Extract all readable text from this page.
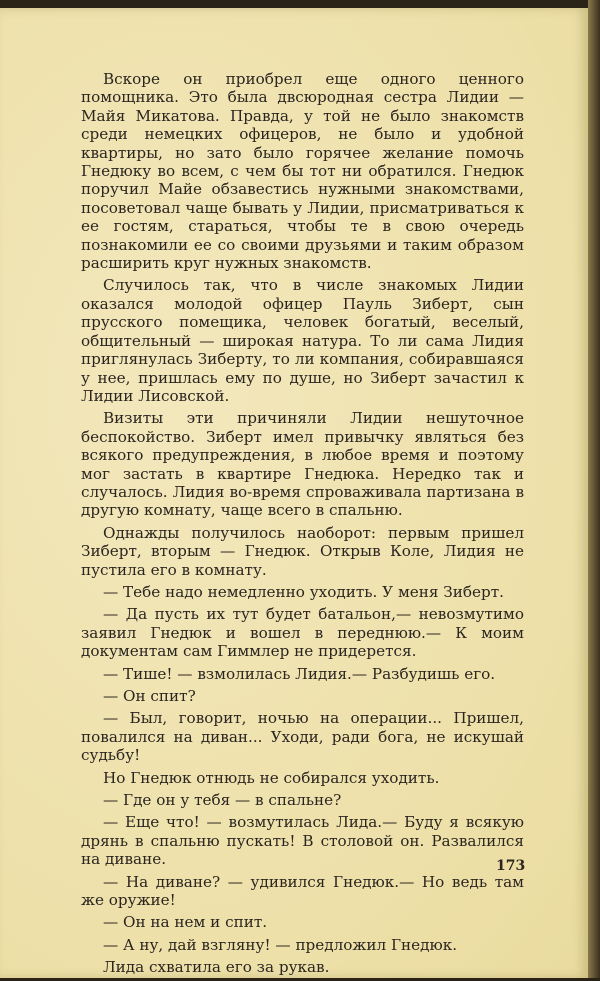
Вскоре он приобрел еще одного ценного помощника. Это была двсюродная сестра Лидии — Майя Микатова. Правда, у той не было знакомств среди немецких офицеров, не было и удобной квартиры, но зато было горячее желание помочь Гнедюку во всем, с чем бы тот ни обратился. Гнедюк поручил Майе обзавестись нужными знакомствами, посоветовал чаще бывать у Лидии, присматриваться к ее гостям, стараться, чтобы те в свою очередь познакомили ее со своими друзьями и таким образом расширить круг нужных знакомств.

Случилось так, что в числе знакомых Лидии оказался молодой офицер Пауль Зиберт, сын прусского помещика, человек богатый, веселый, общительный — широкая натура. То ли сама Лидия приглянулась Зиберту, то ли компания, собиравшаяся у нее, пришлась ему по душе, но Зиберт зачастил к Лидии Лисовской.

Визиты эти причиняли Лидии нешуточное беспокойство. Зиберт имел привычку являться без всякого предупреждения, в любое время и поэтому мог застать в квартире Гнедюка. Нередко так и случалось. Лидия во-время спроваживала партизана в другую комнату, чаще всего в спальню.

Однажды получилось наоборот: первым пришел Зиберт, вторым — Гнедюк. Открыв Коле, Лидия не пустила его в комнату.

— Тебе надо немедленно уходить. У меня Зиберт.

— Да пусть их тут будет батальон,— невозмутимо заявил Гнедюк и вошел в переднюю.— К моим документам сам Гиммлер не придерется.

— Тише! — взмолилась Лидия.— Разбудишь его.

— Он спит?

— Был, говорит, ночью на операции... Пришел, повалился на диван... Уходи, ради бога, не искушай судьбу!

Но Гнедюк отнюдь не собирался уходить.

— Где он у тебя — в спальне?

— Еще что! — возмутилась Лида.— Буду я всякую дрянь в спальню пускать! В столовой он. Развалился на диване.

— На диване? — удивился Гнедюк.— Но ведь там же оружие!

— Он на нем и спит.

— А ну, дай взгляну! — предложил Гнедюк.

Лида схватила его за рукав.

173
